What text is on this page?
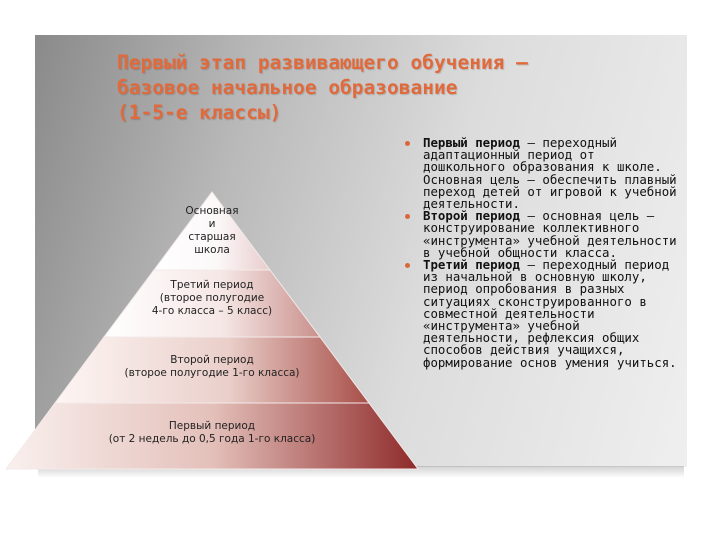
Первый этап развивающего обучения –
базовое начальное образование
(1-5-е классы)
Основная
и
старшая
школа
Третий период
(второе полугодие
4-го класса – 5 класс)
Второй период
(второе полугодие 1-го класса)
Первый период
(от 2 недель до 0,5 года 1-го класса)
Первый период – переходный адаптационный период от дошкольного образования к школе. Основная цель – обеспечить плавный переход детей от игровой к учебной деятельности.
Второй период – основная цель – конструирование коллективного «инструмента» учебной деятельности в учебной общности класса.
Третий период – переходный период из начальной в основную школу, период опробования в разных ситуациях сконструированного в совместной деятельности «инструмента» учебной деятельности, рефлексия общих способов действия учащихся, формирование основ умения учиться.
